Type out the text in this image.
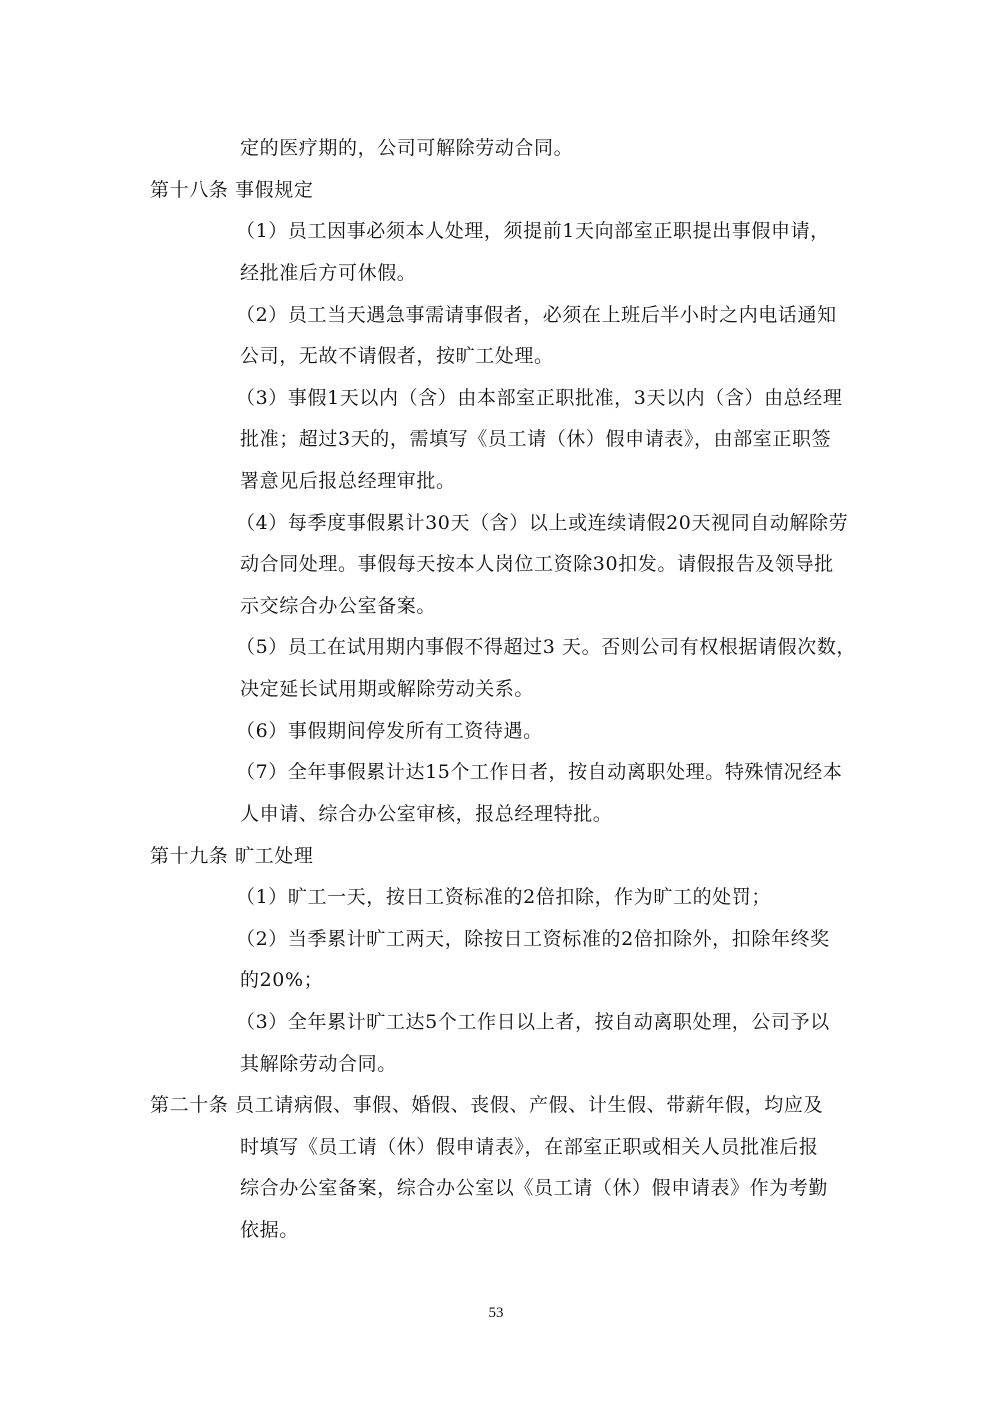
定的医疗期的，公司可解除劳动合同。
第十八条 事假规定
（1）员工因事必须本人处理，须提前1天向部室正职提出事假申请，
经批准后方可休假。
（2）员工当天遇急事需请事假者，必须在上班后半小时之内电话通知
公司，无故不请假者，按旷工处理。
（3）事假1天以内（含）由本部室正职批准，3天以内（含）由总经理
批准；超过3天的，需填写《员工请（休）假申请表》，由部室正职签
署意见后报总经理审批。
（4）每季度事假累计30天（含）以上或连续请假20天视同自动解除劳
动合同处理。事假每天按本人岗位工资除30扣发。请假报告及领导批
示交综合办公室备案。
（5）员工在试用期内事假不得超过3 天。否则公司有权根据请假次数，
决定延长试用期或解除劳动关系。
（6）事假期间停发所有工资待遇。
（7）全年事假累计达15个工作日者，按自动离职处理。特殊情况经本
人申请、综合办公室审核，报总经理特批。
第十九条 旷工处理
（1）旷工一天，按日工资标准的2倍扣除，作为旷工的处罚；
（2）当季累计旷工两天，除按日工资标准的2倍扣除外，扣除年终奖
的20%；
（3）全年累计旷工达5个工作日以上者，按自动离职处理，公司予以
其解除劳动合同。
第二十条 员工请病假、事假、婚假、丧假、产假、计生假、带薪年假，均应及
时填写《员工请（休）假申请表》，在部室正职或相关人员批准后报
综合办公室备案，综合办公室以《员工请（休）假申请表》作为考勤
依据。
53
